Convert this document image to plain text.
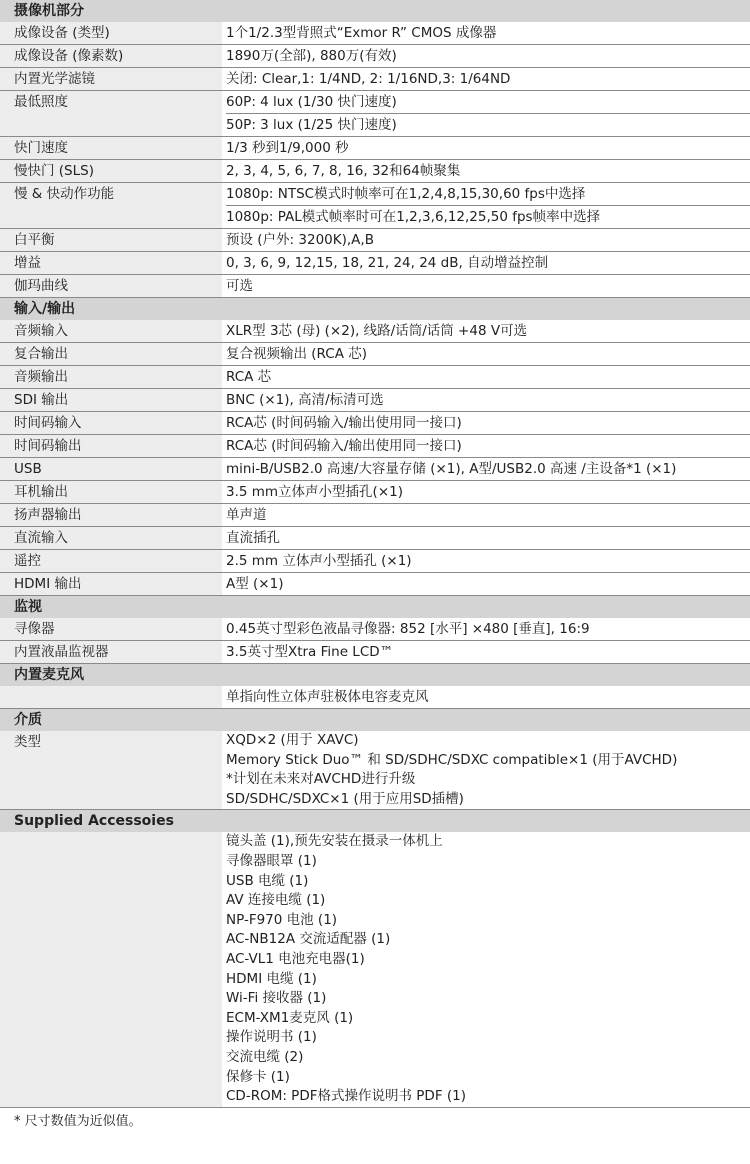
摄像机部分
成像设备 (类型)	1个1/2.3型背照式“Exmor R” CMOS 成像器
成像设备 (像素数)	1890万(全部), 880万(有效)
内置光学滤镜	关闭: Clear,1: 1/4ND, 2: 1/16ND,3: 1/64ND
最低照度	60P: 4 lux (1/30 快门速度)
50P: 3 lux (1/25 快门速度)
快门速度	1/3 秒到1/9,000 秒
慢快门 (SLS)	2, 3, 4, 5, 6, 7, 8, 16, 32和64帧聚集
慢 & 快动作功能	1080p: NTSC模式时帧率可在1,2,4,8,15,30,60 fps中选择
1080p: PAL模式帧率时可在1,2,3,6,12,25,50 fps帧率中选择
白平衡	预设 (户外: 3200K),A,B
增益	0, 3, 6, 9, 12,15, 18, 21, 24, 24 dB, 自动增益控制
伽玛曲线	可选
输入/输出
音频输入	XLR型 3芯 (母) (×2), 线路/话筒/话筒 +48 V可选
复合输出	复合视频输出 (RCA 芯)
音频输出	RCA 芯
SDI 输出	BNC (×1), 高清/标清可选
时间码输入	RCA芯 (时间码输入/输出使用同一接口)
时间码输出	RCA芯 (时间码输入/输出使用同一接口)
USB	mini-B/USB2.0 高速/大容量存储 (×1), A型/USB2.0 高速 /主设备*1 (×1)
耳机输出	3.5 mm立体声小型插孔(×1)
扬声器输出	单声道
直流输入	直流插孔
遥控	2.5 mm 立体声小型插孔 (×1)
HDMI 输出	A型 (×1)
监视
寻像器	0.45英寸型彩色液晶寻像器: 852 [水平] ×480 [垂直], 16:9
内置液晶监视器	3.5英寸型Xtra Fine LCD™
内置麦克风
单指向性立体声驻极体电容麦克风
介质
类型	XQD×2 (用于 XAVC)
Memory Stick Duo™ 和 SD/SDHC/SDXC compatible×1 (用于AVCHD)
*计划在未来对AVCHD进行升级
SD/SDHC/SDXC×1 (用于应用SD插槽)
Supplied Accessoies
镜头盖 (1),预先安装在摄录一体机上
寻像器眼罩 (1)
USB 电缆 (1)
AV 连接电缆 (1)
NP-F970 电池 (1)
AC-NB12A 交流适配器 (1)
AC-VL1 电池充电器(1)
HDMI 电缆 (1)
Wi-Fi 接收器 (1)
ECM-XM1麦克风 (1)
操作说明书 (1)
交流电缆 (2)
保修卡 (1)
CD-ROM: PDF格式操作说明书 PDF (1)
* 尺寸数值为近似值。
